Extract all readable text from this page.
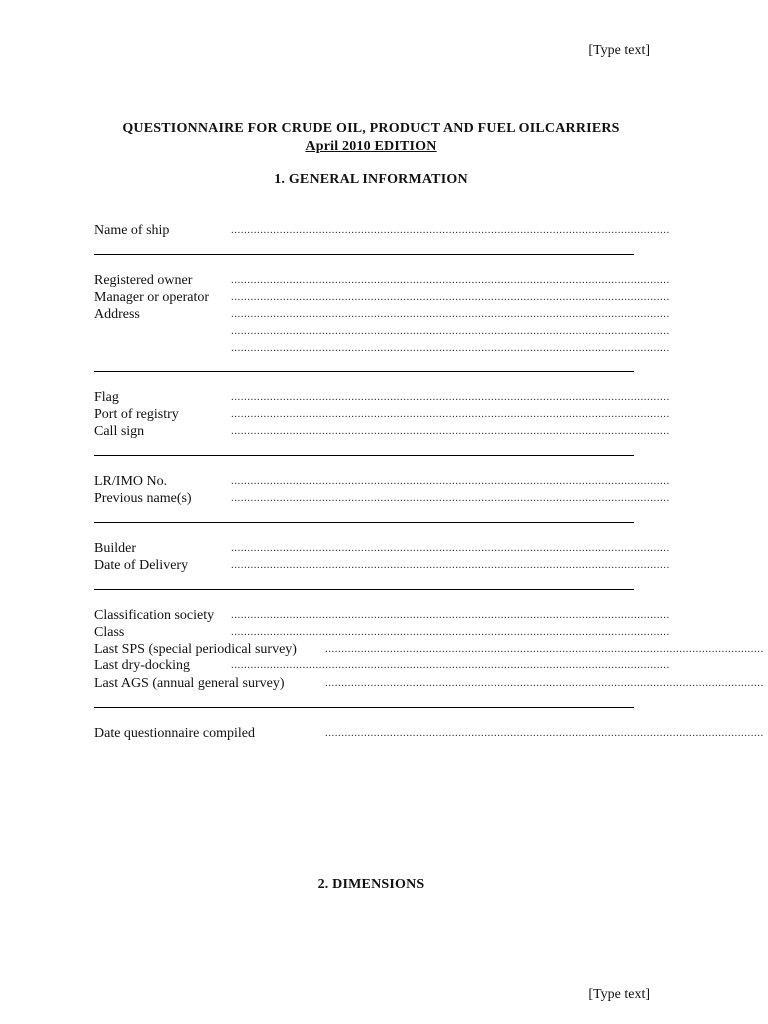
[Type text]
QUESTIONNAIRE FOR CRUDE OIL, PRODUCT AND FUEL OILCARRIERS
April 2010 EDITION
1. GENERAL INFORMATION
Name of ship
Registered owner
Manager or operator
Address
Flag
Port of registry
Call sign
LR/IMO No.
Previous name(s)
Builder
Date of Delivery
Classification society
Class
Last SPS (special periodical survey)
Last dry-docking
Last AGS (annual general survey)
Date questionnaire compiled
.......................................................................................................................................
.......................................................................................................................................
.......................................................................................................................................
.......................................................................................................................................
.......................................................................................................................................
.......................................................................................................................................
.......................................................................................................................................
.......................................................................................................................................
.......................................................................................................................................
.......................................................................................................................................
.......................................................................................................................................
.......................................................................................................................................
.......................................................................................................................................
.......................................................................................................................................
.......................................................................................................................................
.......................................................................................................................................
.......................................................................................................................................
.......................................................................................................................................
.......................................................................................................................................
2. DIMENSIONS
[Type text]
